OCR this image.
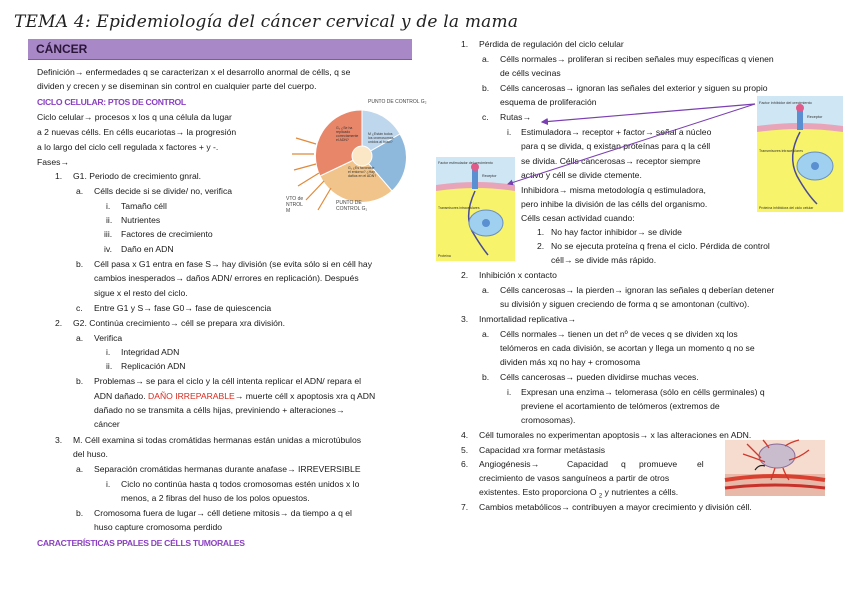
TEMA 4: Epidemiología del cáncer cervical y de la mama
CÁNCER
Definición→ enfermedades q se caracterizan x el desarrollo anormal de célls, q se
dividen y crecen y se diseminan sin control en cualquier parte del cuerpo.
CICLO CELULAR: PTOS DE CONTROL
Ciclo celular→ procesos x los q una célula da lugar
a 2 nuevas célls. En célls eucariotas→ la progresión
a lo largo del ciclo cell regulada x factores + y -.
Fases→
1. G1. Periodo de crecimiento gnral.
a. Célls decide si se divide/ no, verifica
i. Tamaño céll
ii. Nutrientes
iii. Factores de crecimiento
iv. Daño en ADN
b. Céll pasa x G1 entra en fase S→ hay división (se evita sólo si en céll hay
cambios inesperados→ daños ADN/ errores en replicación). Después
sigue x el resto del ciclo.
c. Entre G1 y S→ fase G0→ fase de quiescencia
2. G2. Continúa crecimiento→ céll se prepara xra división.
a. Verifica
i. Integridad ADN
ii. Replicación ADN
b. Problemas→ se para el ciclo y la céll intenta replicar el ADN/ repara el
ADN dañado. DAÑO IRREPARABLE→ muerte céll x apoptosis xra q ADN
dañado no se transmita a célls hijas, previniendo + alteraciones→
cáncer
3. M. Céll examina si todas cromátidas hermanas están unidas a microtúbulos
del huso.
a. Separación cromátidas hermanas durante anafase→ IRREVERSIBLE
i. Ciclo no continúa hasta q todos cromosomas estén unidos x lo
menos, a 2 fibras del huso de los polos opuestos.
b. Cromosoma fuera de lugar→ céll detiene mitosis→ da tiempo a q el
huso capture cromosoma perdido
CARACTERÍSTICAS PPALES DE CÉLLS TUMORALES
PUNTO DE CONTROL G₂
G₂ ¿Se ha replicado correctamente el ADN?
M ¿Están todos los cromosomas unidos al huso?
G₁ ¿Es favorable el entorno? ¿Hay daños en el ADN?
VTO de NTROL M
PUNTO DE CONTROL G₁
1. Pérdida de regulación del ciclo celular
a. Célls normales→ proliferan si reciben señales muy específicas q vienen
de célls vecinas
b. Célls cancerosas→ ignoran las señales del exterior y siguen su propio
esquema de proliferación
c. Rutas→
i. Estimuladora→ receptor + factor→ señal a núcleo
para q se divida, q existan proteínas para q la céll
se divida. Célls cancerosas→ receptor siempre
activo y céll se divide ctemente.
Inhibidora→ misma metodología q estimuladora,
pero inhibe la división de las célls del organismo.
Célls cesan actividad cuando:
1. No hay factor inhibidor→ se divide
2. No se ejecuta proteína q frena el ciclo. Pérdida de control
céll→ se divide más rápido.
2. Inhibición x contacto
a. Célls cancerosas→ la pierden→ ignoran las señales q deberían detener
su división y siguen creciendo de forma q se amontonan (cultivo).
3. Inmortalidad replicativa→
a. Célls normales→ tienen un det nº de veces q se dividen xq los
telómeros en cada división, se acortan y llega un momento q no se
dividen más xq no hay + cromosoma
b. Célls cancerosas→ pueden dividirse muchas veces.
i. Expresan una enzima→ telomerasa (sólo en célls germinales) q
previene el acortamiento de telómeros (extremos de
cromosomas).
4. Céll tumorales no experimentan apoptosis→ x las alteraciones en ADN.
5. Capacidad xra formar metástasis
6. Angiogénesis→	Capacidad q promueve el
crecimiento de vasos sanguíneos a partir de otros
existentes. Esto proporciona O $_2$ y nutrientes a célls.
7. Cambios metabólicos→ contribuyen a mayor crecimiento y división céll.
Factor inhibidor del crecimiento
Receptor
Transmisores intracelulares
Proteína inhibidora del ciclo celular
Factor estimulador del crecimiento
Receptor
Transmisores intracelulares
Proteína
